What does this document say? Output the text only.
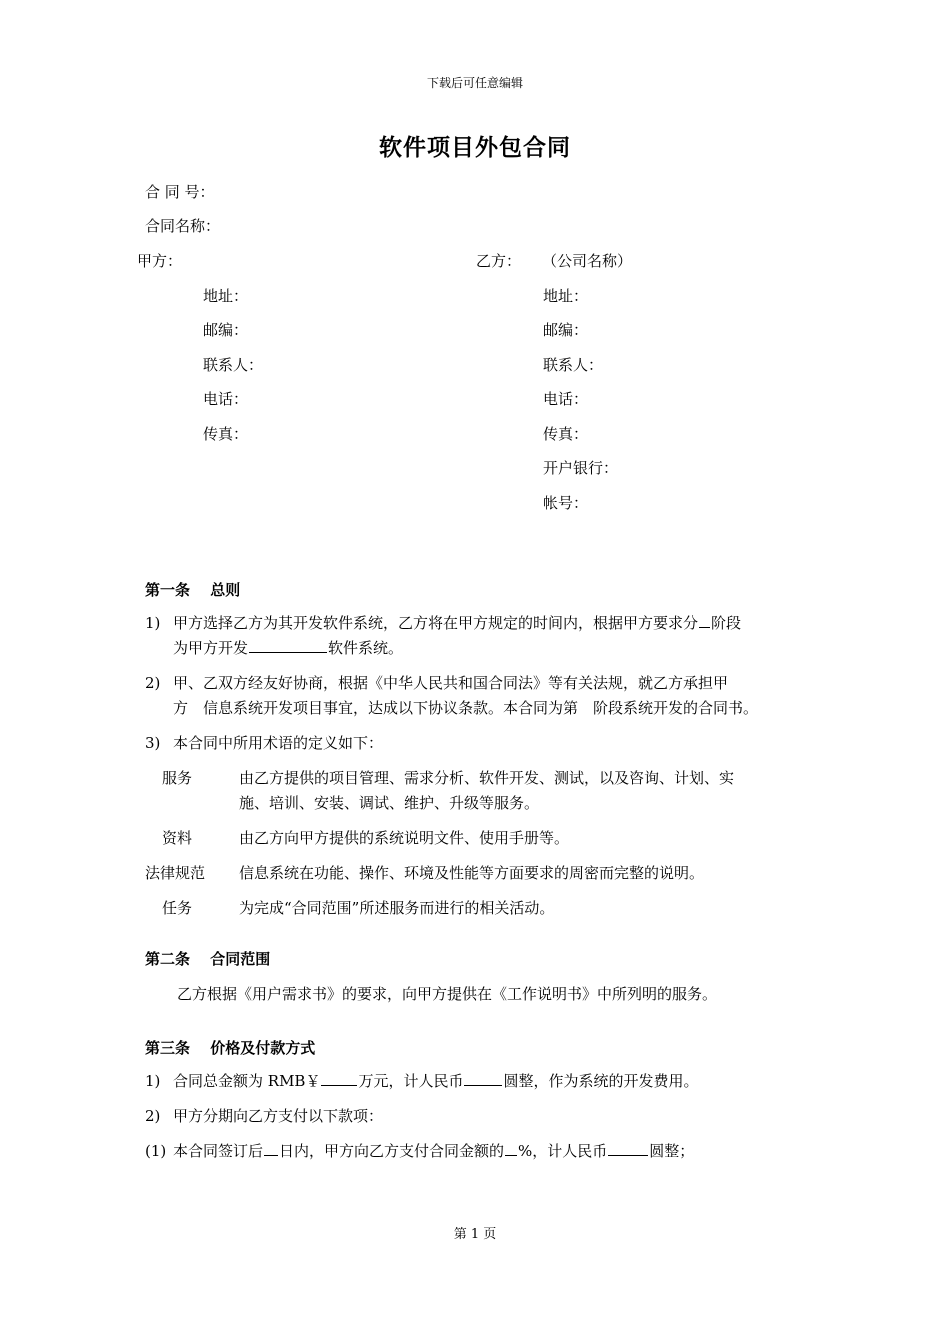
下载后可任意编辑
软件项目外包合同
合 同 号：
合同名称：
甲方：
地址：
邮编：
联系人：
电话：
传真：
乙方： （公司名称）
地址：
邮编：
联系人：
电话：
传真：
开户银行：
帐号：
第一条　 总则
1) 甲方选择乙方为其开发软件系统，乙方将在甲方规定的时间内，根据甲方要求分 阶段
为甲方开发	软件系统。
2) 甲、乙双方经友好协商，根据《中华人民共和国合同法》等有关法规，就乙方承担甲
方　信息系统开发项目事宜，达成以下协议条款。本合同为第　阶段系统开发的合同书。
3) 本合同中所用术语的定义如下：
服务	由乙方提供的项目管理、需求分析、软件开发、测试，以及咨询、计划、实
施、培训、安装、调试、维护、升级等服务。
资料	由乙方向甲方提供的系统说明文件、使用手册等。
法律规范 信息系统在功能、操作、环境及性能等方面要求的周密而完整的说明。
任务	为完成“合同范围”所述服务而进行的相关活动。
第二条　 合同范围
乙方根据《用户需求书》的要求，向甲方提供在《工作说明书》中所列明的服务。
第三条　 价格及付款方式
1) 合同总金额为 RMB￥	万元，计人民币	圆整，作为系统的开发费用。
2) 甲方分期向乙方支付以下款项：
(1) 本合同签订后 日内，甲方向乙方支付合同金额的 %，计人民币	圆整；
第 1 页
